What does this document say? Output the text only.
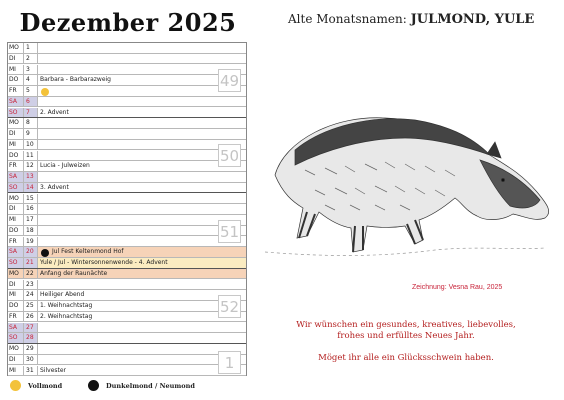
Dezember 2025
MO	1
DI	2
MI	3
DO	4	Barbara - Barbarazweig
FR	5
SA	6
SO	7	2. Advent
MO	8
DI	9
MI	10
DO	11
FR	12	Lucia - Julweizen
SA	13
SO	14	3. Advent
MO	15
DI	16
MI	17
DO	18
FR	19
SA	20	Jul Fest Keltenmond Hof
SO	21	Yule / Jul - Wintersonnenwende - 4. Advent
MO	22	Anfang der Raunächte
DI	23
MI	24	Heiliger Abend
DO	25	1. Weihnachtstag
FR	26	2. Weihnachtstag
SA	27
SO	28
MO	29
DI	30
MI	31	Silvester
49
50
51
52
1
Vollmond	Dunkelmond / Neumond
Alte Monatsnamen: JULMOND, YULE
Zeichnung: Vesna Rau, 2025
Wir wünschen ein gesundes, kreatives, liebevolles,
frohes und erfülltes Neues Jahr.
Möget ihr alle ein Glücksschwein haben.
